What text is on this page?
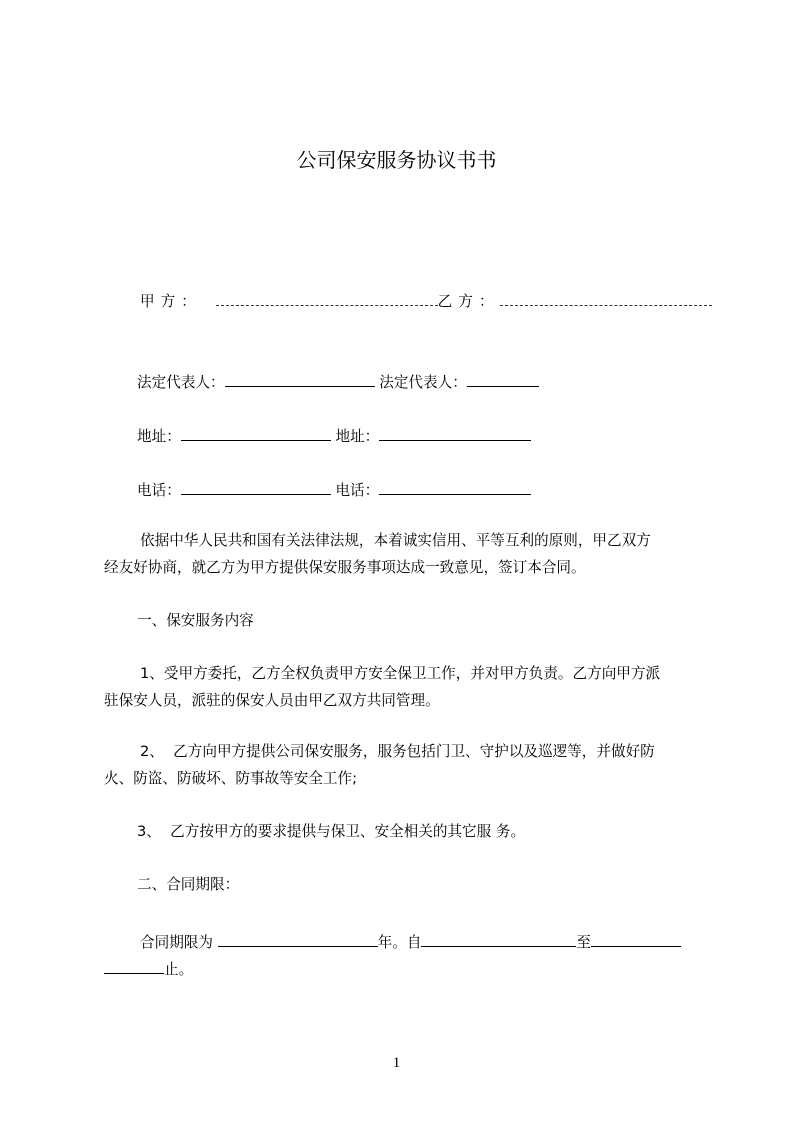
公司保安服务协议书书
甲方：	乙方：
法定代表人：	法定代表人：
地址：	地址：
电话：	电话：
依据中华人民共和国有关法律法规，本着诚实信用、平等互利的原则，甲乙双方
经友好协商，就乙方为甲方提供保安服务事项达成一致意见，签订本合同。
一、保安服务内容
1、受甲方委托，乙方全权负责甲方安全保卫工作，并对甲方负责。乙方向甲方派
驻保安人员，派驻的保安人员由甲乙双方共同管理。
2、  乙方向甲方提供公司保安服务，服务包括门卫、守护以及巡逻等，并做好防
火、防盗、防破坏、防事故等安全工作;
3、  乙方按甲方的要求提供与保卫、安全相关的其它服 务。
二、合同期限：
合同期限为	年。自	至
止。
1
